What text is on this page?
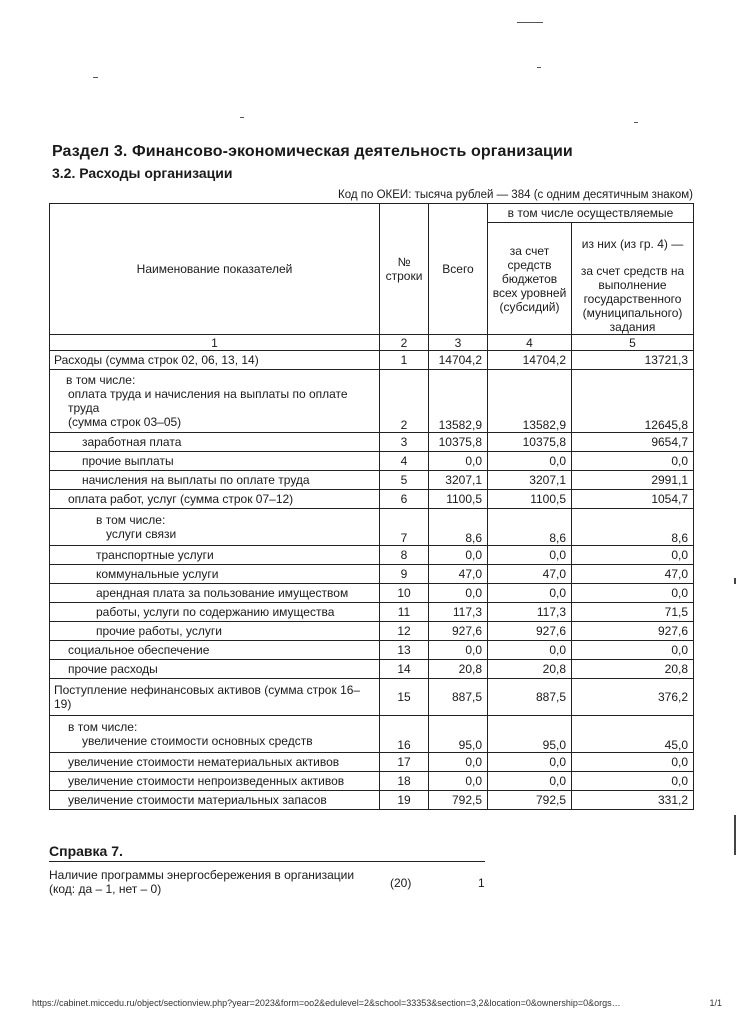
Раздел 3. Финансово-экономическая деятельность организации
3.2. Расходы организации
Код по ОКЕИ: тысяча рублей — 384 (с одним десятичным знаком)
Наименование показателей	№ строки	Всего	в том числе осуществляемые	
			за счет средств бюджетов всех уровней (субсидий)	из них (из гр. 4) —
				за счет средств на выполнение государственного (муниципального) задания
1	2	3	4	5

Расходы (сумма строк 02, 06, 13, 14)	1	14704,2	14704,2	13721,3

в том числе:
оплата труда и начисления на выплаты по оплате труда
(сумма строк 03–05)	2	13582,9	13582,9	12645,8

заработная плата	3	10375,8	10375,8	9654,7

прочие выплаты	4	0,0	0,0	0,0

начисления на выплаты по оплате труда	5	3207,1	3207,1	2991,1

оплата работ, услуг (сумма строк 07–12)	6	1100,5	1100,5	1054,7

в том числе:
услуги связи	7	8,6	8,6	8,6

транспортные услуги	8	0,0	0,0	0,0

коммунальные услуги	9	47,0	47,0	47,0

арендная плата за пользование имуществом	10	0,0	0,0	0,0

работы, услуги по содержанию имущества	11	117,3	117,3	71,5

прочие работы, услуги	12	927,6	927,6	927,6

социальное обеспечение	13	0,0	0,0	0,0

прочие расходы	14	20,8	20,8	20,8

Поступление нефинансовых активов (сумма строк 16–19)	15	887,5	887,5	376,2

в том числе:
увеличение стоимости основных средств	16	95,0	95,0	45,0

увеличение стоимости нематериальных активов	17	0,0	0,0	0,0

увеличение стоимости непроизведенных активов	18	0,0	0,0	0,0

увеличение стоимости материальных запасов	19	792,5	792,5	331,2
Справка 7.
Наличие программы энергосбережения в организации (код: да – 1, нет – 0)	(20)	1
https://cabinet.miccedu.ru/object/sectionview.php?year=2023&form=oo2&edulevel=2&school=33353&section=3,2&location=0&ownership=0&orgs…	1/1
